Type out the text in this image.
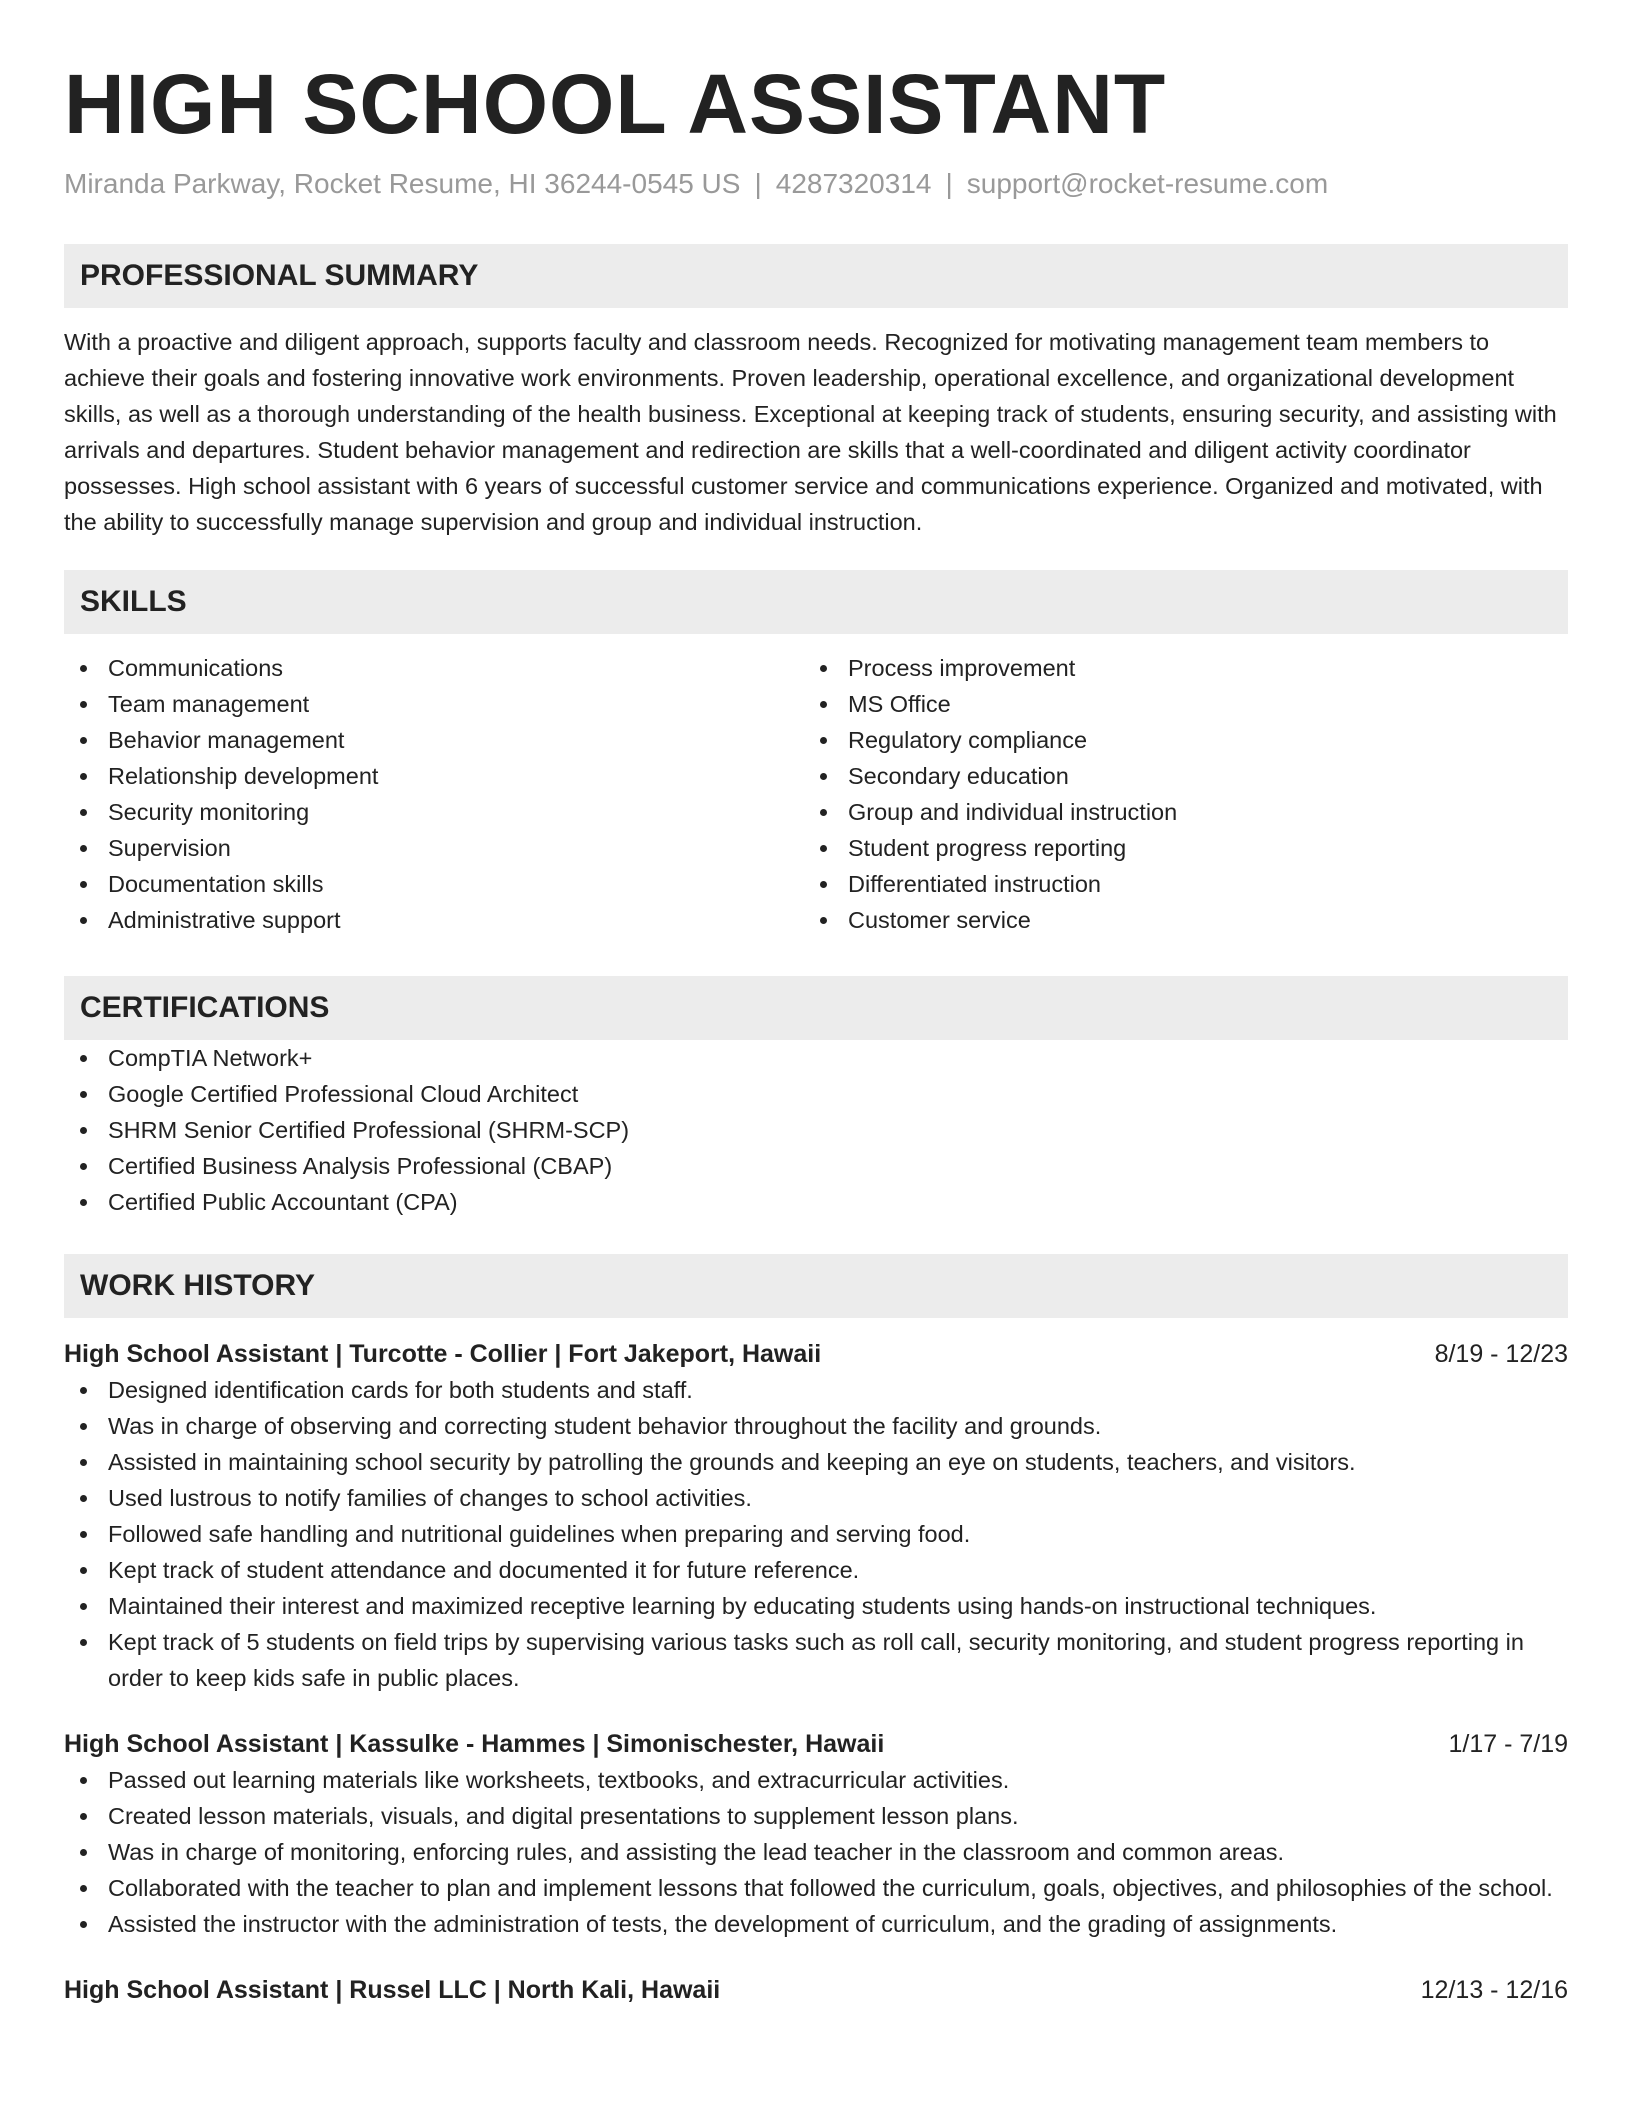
HIGH SCHOOL ASSISTANT
Miranda Parkway, Rocket Resume, HI 36244-0545 US | 4287320314 | support@rocket-resume.com
PROFESSIONAL SUMMARY

With a proactive and diligent approach, supports faculty and classroom needs. Recognized for motivating management team members to achieve their goals and fostering innovative work environments. Proven leadership, operational excellence, and organizational development skills, as well as a thorough understanding of the health business. Exceptional at keeping track of students, ensuring security, and assisting with arrivals and departures. Student behavior management and redirection are skills that a well-coordinated and diligent activity coordinator possesses. High school assistant with 6 years of successful customer service and communications experience. Organized and motivated, with the ability to successfully manage supervision and group and individual instruction.

SKILLS
Communications
Team management
Behavior management
Relationship development
Security monitoring
Supervision
Documentation skills
Administrative support
Process improvement
MS Office
Regulatory compliance
Secondary education
Group and individual instruction
Student progress reporting
Differentiated instruction
Customer service
CERTIFICATIONS
CompTIA Network+
Google Certified Professional Cloud Architect
SHRM Senior Certified Professional (SHRM-SCP)
Certified Business Analysis Professional (CBAP)
Certified Public Accountant (CPA)
WORK HISTORY
High School Assistant | Turcotte - Collier | Fort Jakeport, Hawaii	8/19 - 12/23
Designed identification cards for both students and staff.
Was in charge of observing and correcting student behavior throughout the facility and grounds.
Assisted in maintaining school security by patrolling the grounds and keeping an eye on students, teachers, and visitors.
Used lustrous to notify families of changes to school activities.
Followed safe handling and nutritional guidelines when preparing and serving food.
Kept track of student attendance and documented it for future reference.
Maintained their interest and maximized receptive learning by educating students using hands-on instructional techniques.
Kept track of 5 students on field trips by supervising various tasks such as roll call, security monitoring, and student progress reporting in order to keep kids safe in public places.
High School Assistant | Kassulke - Hammes | Simonischester, Hawaii	1/17 - 7/19
Passed out learning materials like worksheets, textbooks, and extracurricular activities.
Created lesson materials, visuals, and digital presentations to supplement lesson plans.
Was in charge of monitoring, enforcing rules, and assisting the lead teacher in the classroom and common areas.
Collaborated with the teacher to plan and implement lessons that followed the curriculum, goals, objectives, and philosophies of the school.
Assisted the instructor with the administration of tests, the development of curriculum, and the grading of assignments.
High School Assistant | Russel LLC | North Kali, Hawaii	12/13 - 12/16
